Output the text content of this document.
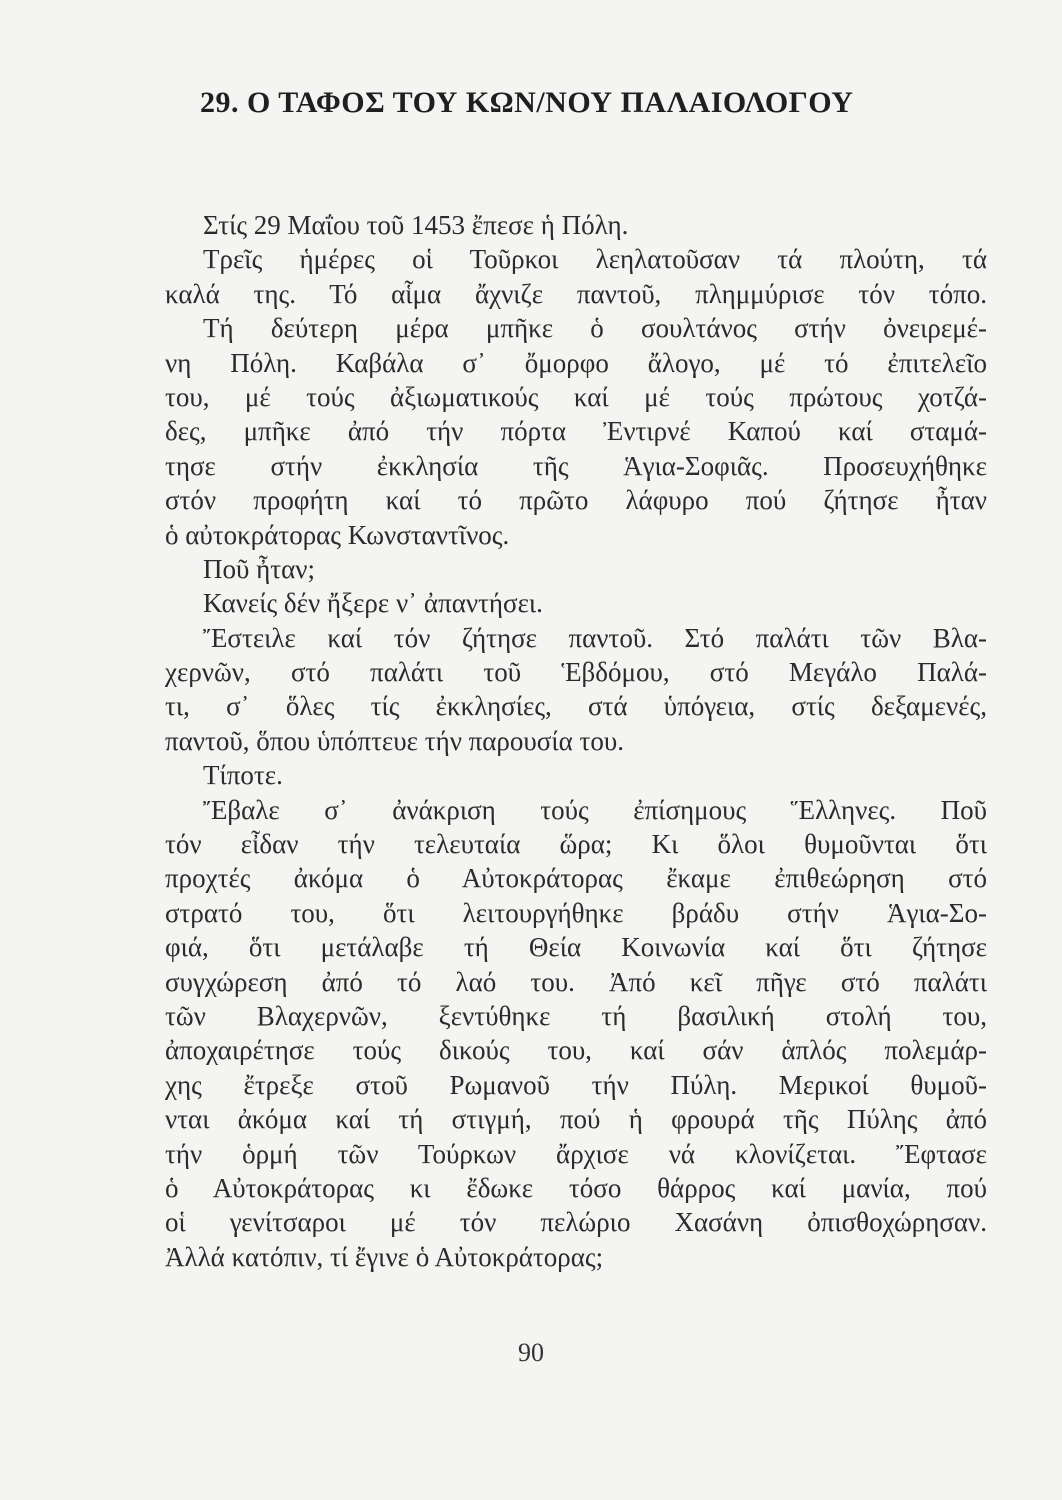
29. Ο ΤΑΦΟΣ ΤΟΥ ΚΩΝ/ΝΟΥ ΠΑΛΑΙΟΛΟΓΟΥ
Στίς 29 Μαΐου τοῦ 1453 ἔπεσε ἡ Πόλη.
Τρεῖς ἡμέρες οἱ Τοῦρκοι λεηλατοῦσαν τά πλούτη, τά
καλά της. Τό αἷμα ἄχνιζε παντοῦ, πλημμύρισε τόν τόπο.
Τή δεύτερη μέρα μπῆκε ὁ σουλτάνος στήν ὀνειρεμέ-
νη Πόλη. Καβάλα σ᾽ ὄμορφο ἄλογο, μέ τό ἐπιτελεῖο
του, μέ τούς ἀξιωματικούς καί μέ τούς πρώτους χοτζά-
δες, μπῆκε ἀπό τήν πόρτα Ἐντιρνέ Καπού καί σταμά-
τησε στήν ἐκκλησία τῆς Ἁγια-Σοφιᾶς. Προσευχήθηκε
στόν προφήτη καί τό πρῶτο λάφυρο πού ζήτησε ἦταν
ὁ αὐτοκράτορας Κωνσταντῖνος.
Ποῦ ἦταν;
Κανείς δέν ἤξερε ν᾽ ἀπαντήσει.
Ἔστειλε καί τόν ζήτησε παντοῦ. Στό παλάτι τῶν Βλα-
χερνῶν, στό παλάτι τοῦ Ἑβδόμου, στό Μεγάλο Παλά-
τι, σ᾽ ὅλες τίς ἐκκλησίες, στά ὑπόγεια, στίς δεξαμενές,
παντοῦ, ὅπου ὑπόπτευε τήν παρουσία του.
Τίποτε.
Ἔβαλε σ᾽ ἀνάκριση τούς ἐπίσημους Ἕλληνες. Ποῦ
τόν εἶδαν τήν τελευταία ὥρα; Κι ὅλοι θυμοῦνται ὅτι
προχτές ἀκόμα ὁ Αὐτοκράτορας ἔκαμε ἐπιθεώρηση στό
στρατό του, ὅτι λειτουργήθηκε βράδυ στήν Ἁγια-Σο-
φιά, ὅτι μετάλαβε τή Θεία Κοινωνία καί ὅτι ζήτησε
συγχώρεση ἀπό τό λαό του. Ἀπό κεῖ πῆγε στό παλάτι
τῶν Βλαχερνῶν, ξεντύθηκε τή βασιλική στολή του,
ἀποχαιρέτησε τούς δικούς του, καί σάν ἁπλός πολεμάρ-
χης ἔτρεξε στοῦ Ρωμανοῦ τήν Πύλη. Μερικοί θυμοῦ-
νται ἀκόμα καί τή στιγμή, πού ἡ φρουρά τῆς Πύλης ἀπό
τήν ὁρμή τῶν Τούρκων ἄρχισε νά κλονίζεται. Ἔφτασε
ὁ Αὐτοκράτορας κι ἔδωκε τόσο θάρρος καί μανία, πού
οἱ γενίτσαροι μέ τόν πελώριο Χασάνη ὀπισθοχώρησαν.
Ἀλλά κατόπιν, τί ἔγινε ὁ Αὐτοκράτορας;
90
